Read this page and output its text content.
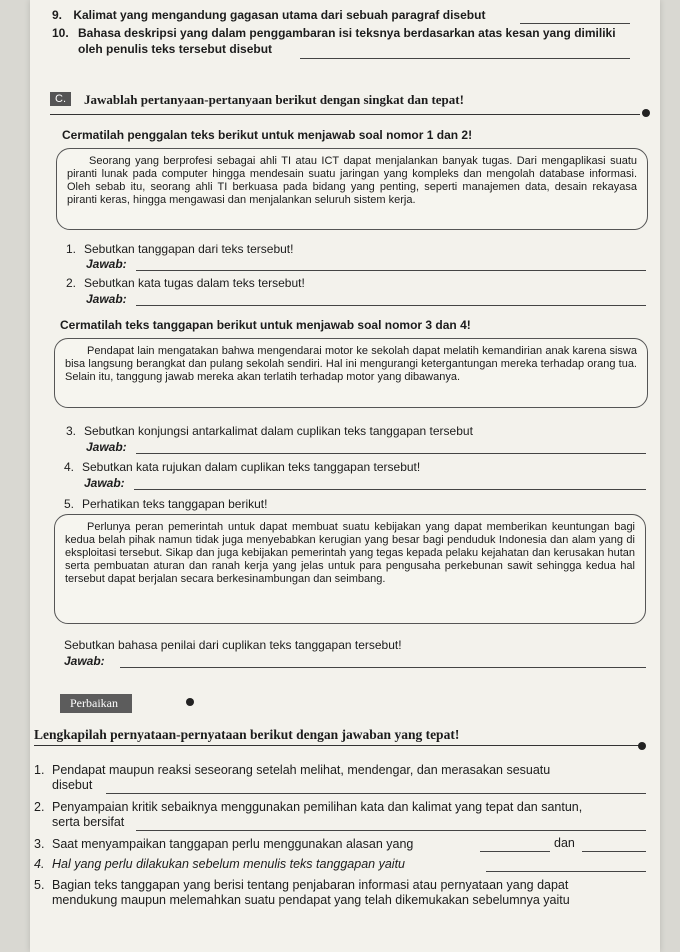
9. Kalimat yang mengandung gagasan utama dari sebuah paragraf disebut
10. Bahasa deskripsi yang dalam penggambaran isi teksnya berdasarkan atas kesan yang dimiliki
oleh penulis teks tersebut disebut
C.	Jawablah pertanyaan-pertanyaan berikut dengan singkat dan tepat!
Cermatilah penggalan teks berikut untuk menjawab soal nomor 1 dan 2!
Seorang yang berprofesi sebagai ahli TI atau ICT dapat menjalankan banyak tugas. Dari mengaplikasi suatu piranti lunak pada computer hingga mendesain suatu jaringan yang kompleks dan mengolah database informasi. Oleh sebab itu, seorang ahli TI berkuasa pada bidang yang penting, seperti manajemen data, desain rekayasa piranti keras, hingga mengawasi dan menjalankan seluruh sistem kerja.
1. Sebutkan tanggapan dari teks tersebut!
Jawab:
2. Sebutkan kata tugas dalam teks tersebut!
Jawab:
Cermatilah teks tanggapan berikut untuk menjawab soal nomor 3 dan 4!
Pendapat lain mengatakan bahwa mengendarai motor ke sekolah dapat melatih kemandirian anak karena siswa bisa langsung berangkat dan pulang sekolah sendiri. Hal ini mengurangi ketergantungan mereka terhadap orang tua. Selain itu, tanggung jawab mereka akan terlatih terhadap motor yang dibawanya.
3. Sebutkan konjungsi antarkalimat dalam cuplikan teks tanggapan tersebut
Jawab:
4. Sebutkan kata rujukan dalam cuplikan teks tanggapan tersebut!
Jawab:
5. Perhatikan teks tanggapan berikut!
Perlunya peran pemerintah untuk dapat membuat suatu kebijakan yang dapat memberikan keuntungan bagi kedua belah pihak namun tidak juga menyebabkan kerugian yang besar bagi penduduk Indonesia dan alam yang di eksploitasi tersebut. Sikap dan juga kebijakan pemerintah yang tegas kepada pelaku kejahatan dan kerusakan hutan serta pembuatan aturan dan ranah kerja yang jelas untuk para pengusaha perkebunan sawit sehingga kedua hal tersebut dapat berjalan secara berkesinambungan dan seimbang.
Sebutkan bahasa penilai dari cuplikan teks tanggapan tersebut!
Jawab:
Perbaikan
Lengkapilah pernyataan-pernyataan berikut dengan jawaban yang tepat!
1. Pendapat maupun reaksi seseorang setelah melihat, mendengar, dan merasakan sesuatu
disebut
2. Penyampaian kritik sebaiknya menggunakan pemilihan kata dan kalimat yang tepat dan santun,
serta bersifat
3. Saat menyampaikan tanggapan perlu menggunakan alasan yang	dan
4. Hal yang perlu dilakukan sebelum menulis teks tanggapan yaitu
5. Bagian teks tanggapan yang berisi tentang penjabaran informasi atau pernyataan yang dapat
mendukung maupun melemahkan suatu pendapat yang telah dikemukakan sebelumnya yaitu
